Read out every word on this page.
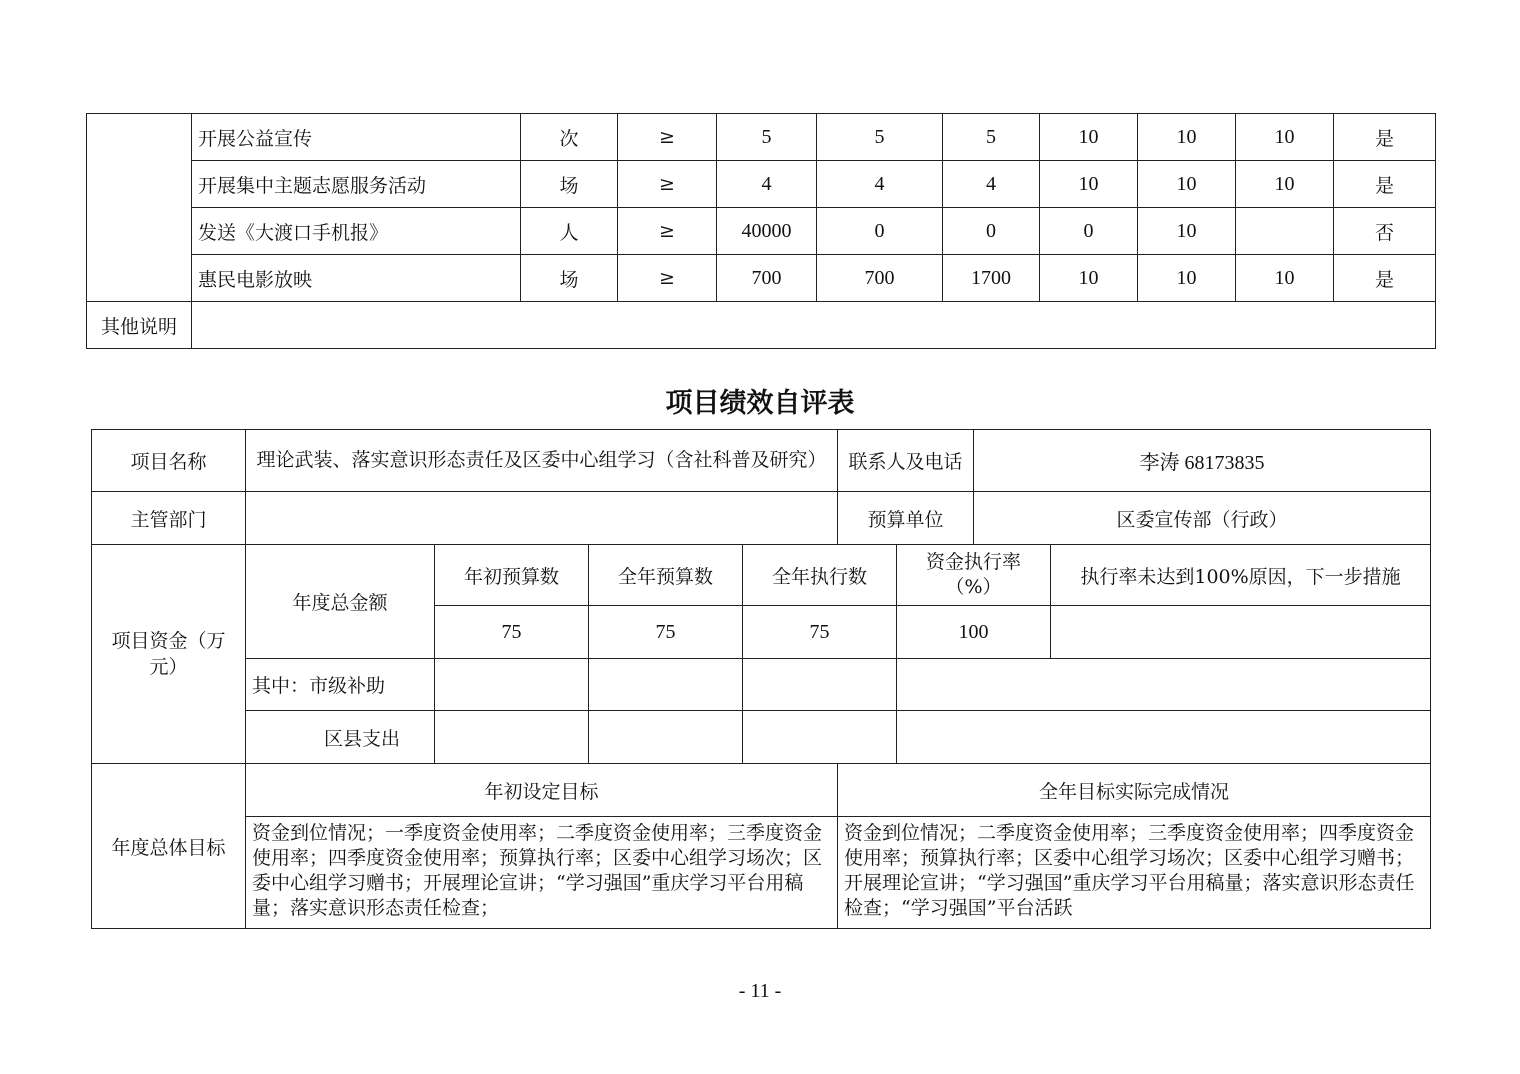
	开展公益宣传	次	≥	5	5	5	10	10	10	是
	开展集中主题志愿服务活动	场	≥	4	4	4	10	10	10	是
	发送《大渡口手机报》	人	≥	40000	0	0	0	10		否
	惠民电影放映	场	≥	700	700	1700	10	10	10	是
其他说明										
项目绩效自评表
项目名称	理论武装、落实意识形态责任及区委中心组学习（含社科普及研究）				联系人及电话		李涛 68173835	
主管部门					预算单位		区委宣传部（行政）	
项目资金（万元）	年度总金额	年初预算数	全年预算数	全年执行数		资金执行率（%）		执行率未达到100%原因，下一步措施
		75	75	75		100		
	其中：市级补助							
	区县支出							
年度总体目标	年初设定目标				全年目标实际完成情况			
	资金到位情况；一季度资金使用率；二季度资金使用率；三季度资金使用率；四季度资金使用率；预算执行率；区委中心组学习场次；区委中心组学习赠书；开展理论宣讲；“学习强国”重庆学习平台用稿量；落实意识形态责任检查；				资金到位情况；二季度资金使用率；三季度资金使用率；四季度资金使用率；预算执行率；区委中心组学习场次；区委中心组学习赠书；开展理论宣讲；“学习强国”重庆学习平台用稿量；落实意识形态责任检查；“学习强国”平台活跃			
- 11 -
